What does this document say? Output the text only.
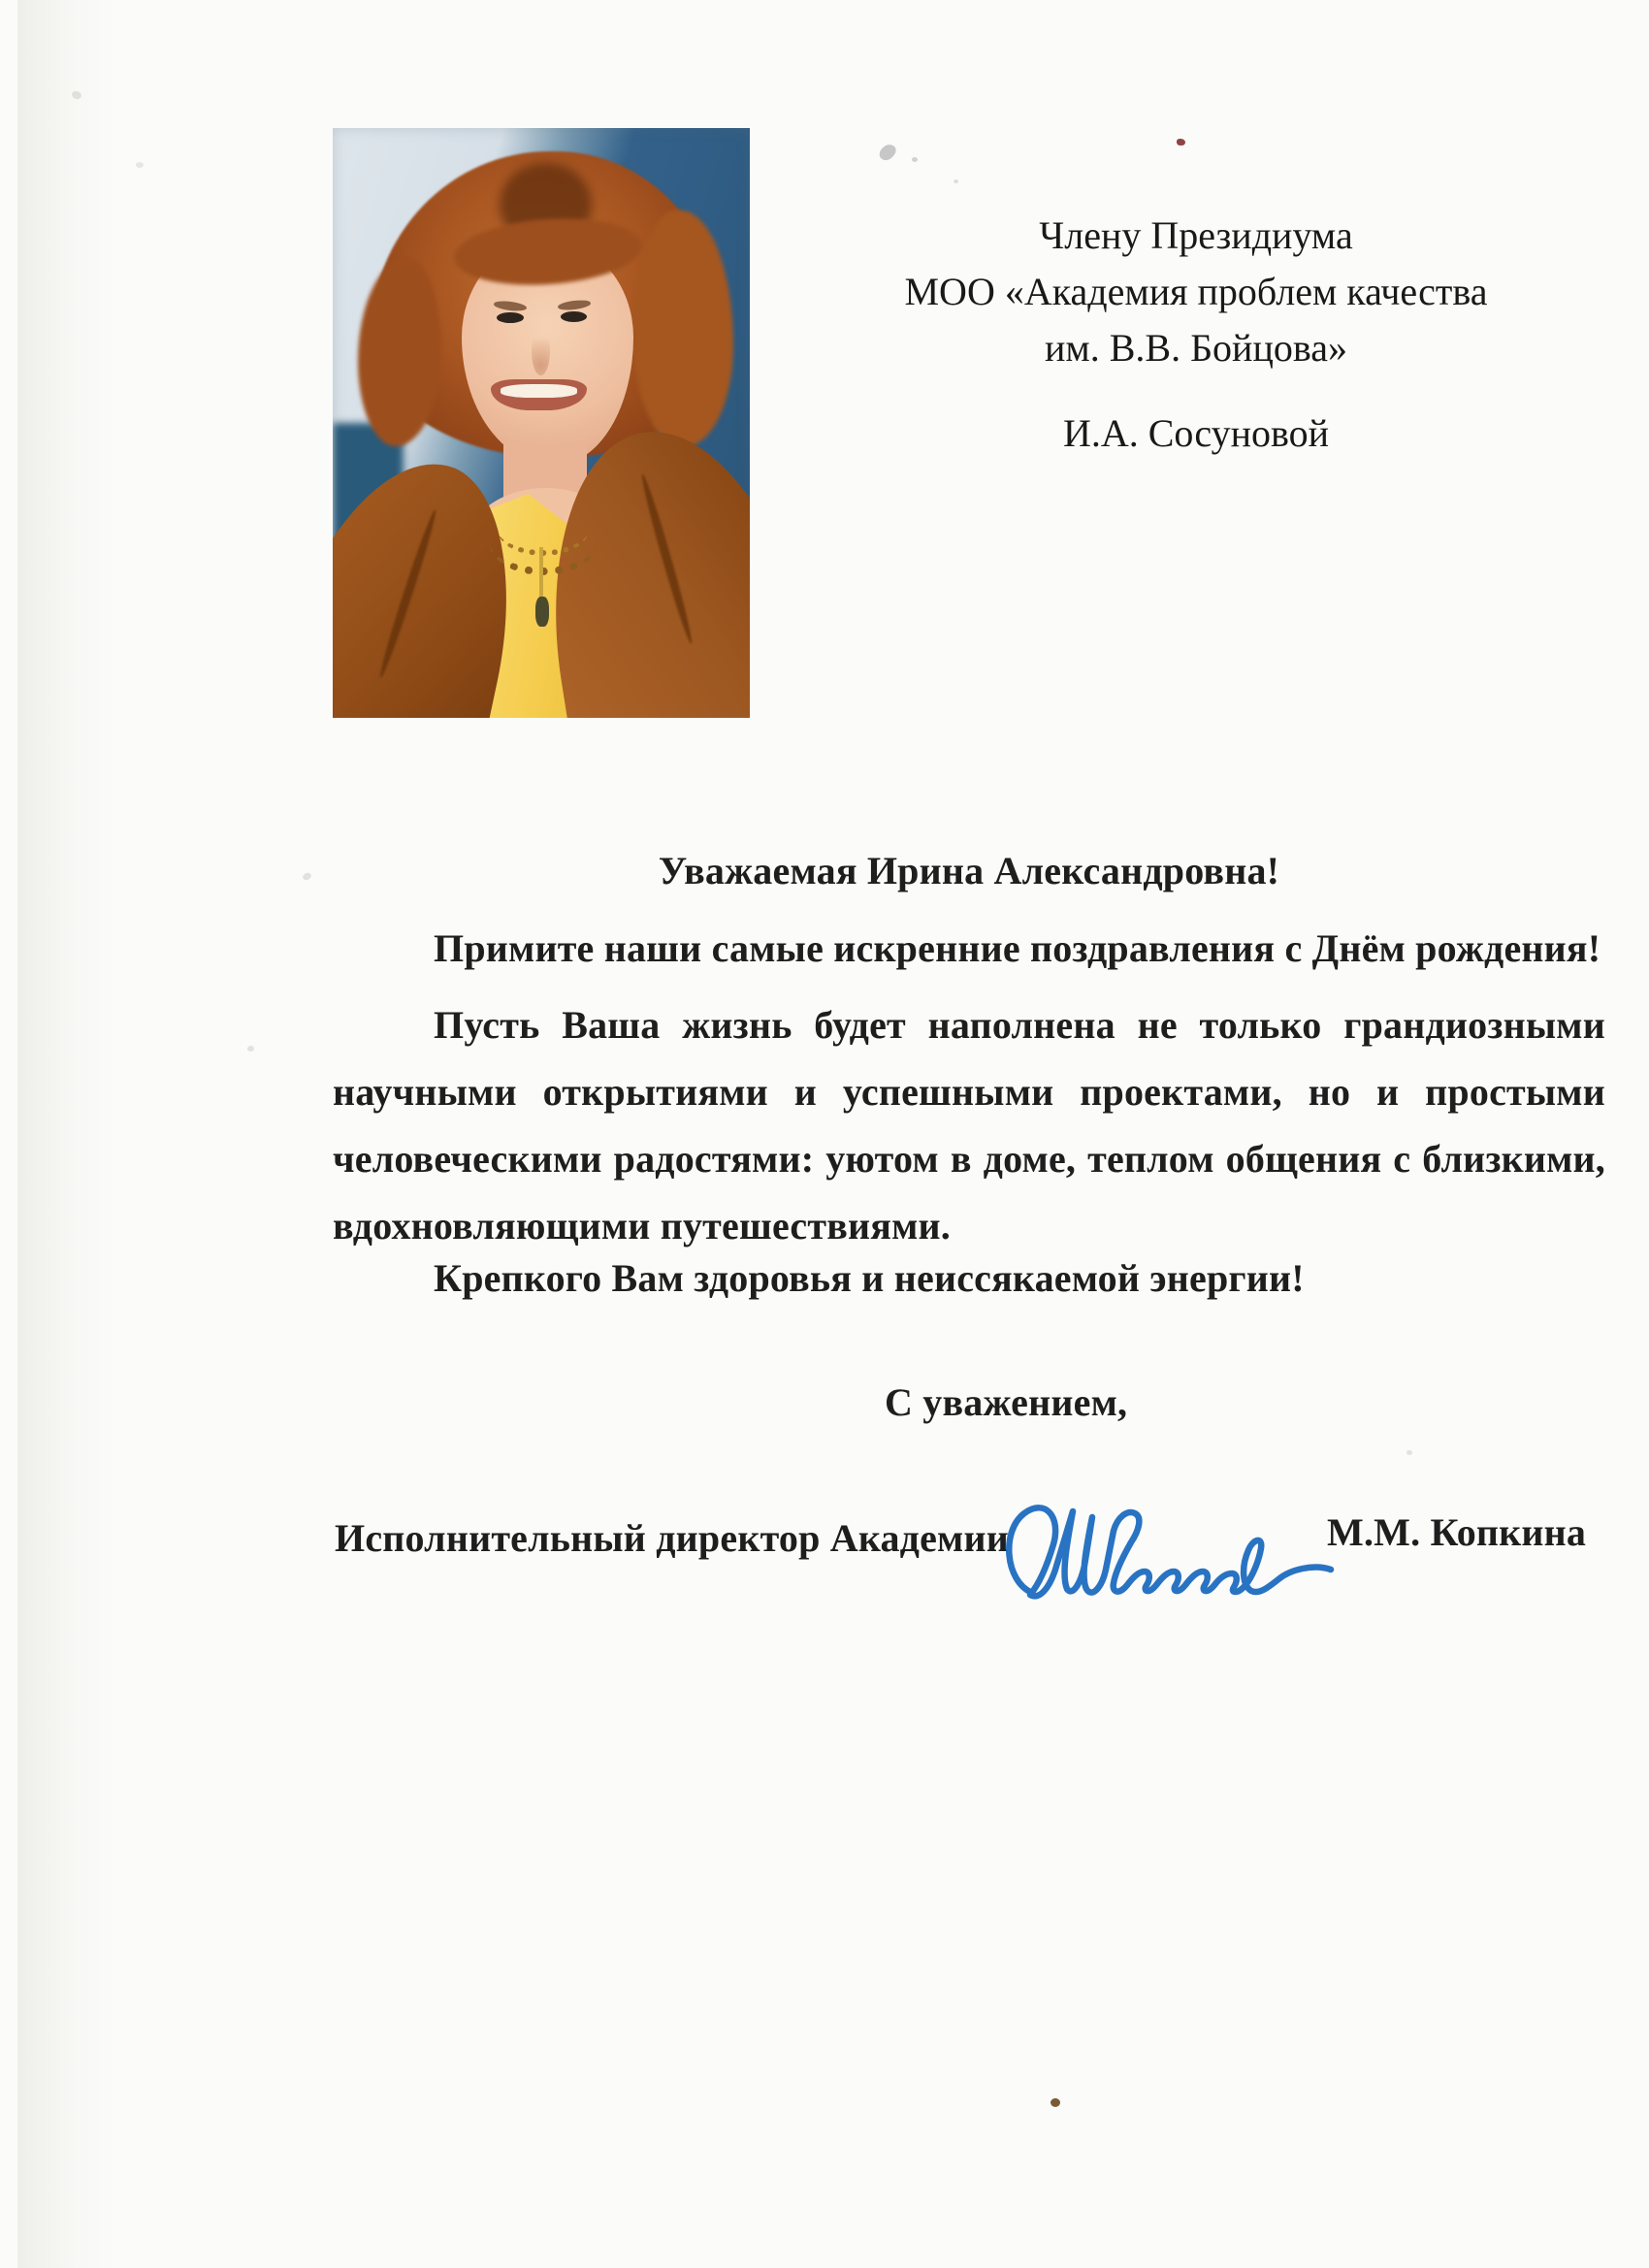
Члену Президиума
МОО «Академия проблем качества
им. В.В. Бойцова»
И.А. Сосуновой
Уважаемая Ирина Александровна!
Примите наши самые искренние поздравления с Днём рождения!
Пусть Ваша жизнь будет наполнена не только грандиозными
научными открытиями и успешными проектами, но и простыми
человеческими радостями: уютом в доме, теплом общения с близкими,
вдохновляющими путешествиями.
Крепкого Вам здоровья и неиссякаемой энергии!
С уважением,
Исполнительный директор Академии	М.М. Копкина
